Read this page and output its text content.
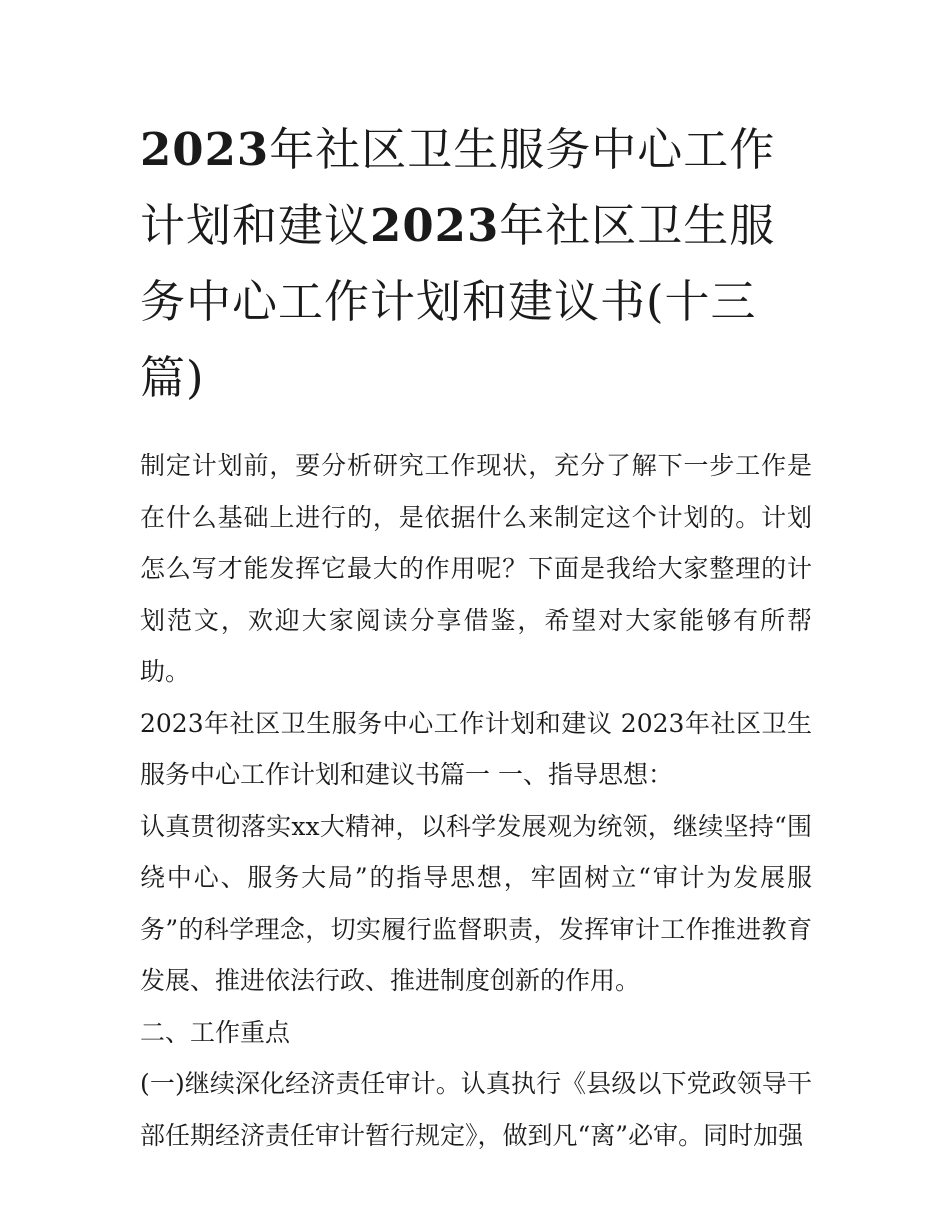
2023年社区卫生服务中心工作计划和建议2023年社区卫生服务中心工作计划和建议书(十三篇)

制定计划前，要分析研究工作现状，充分了解下一步工作是在什么基础上进行的，是依据什么来制定这个计划的。计划怎么写才能发挥它最大的作用呢？下面是我给大家整理的计划范文，欢迎大家阅读分享借鉴，希望对大家能够有所帮助。

2023年社区卫生服务中心工作计划和建议 2023年社区卫生服务中心工作计划和建议书篇一 一、指导思想：

认真贯彻落实xx大精神，以科学发展观为统领，继续坚持“围绕中心、服务大局”的指导思想，牢固树立“审计为发展服务”的科学理念，切实履行监督职责，发挥审计工作推进教育发展、推进依法行政、推进制度创新的作用。

二、工作重点

(一)继续深化经济责任审计。认真执行《县级以下党政领导干部任期经济责任审计暂行规定》，做到凡“离”必审。同时加强
